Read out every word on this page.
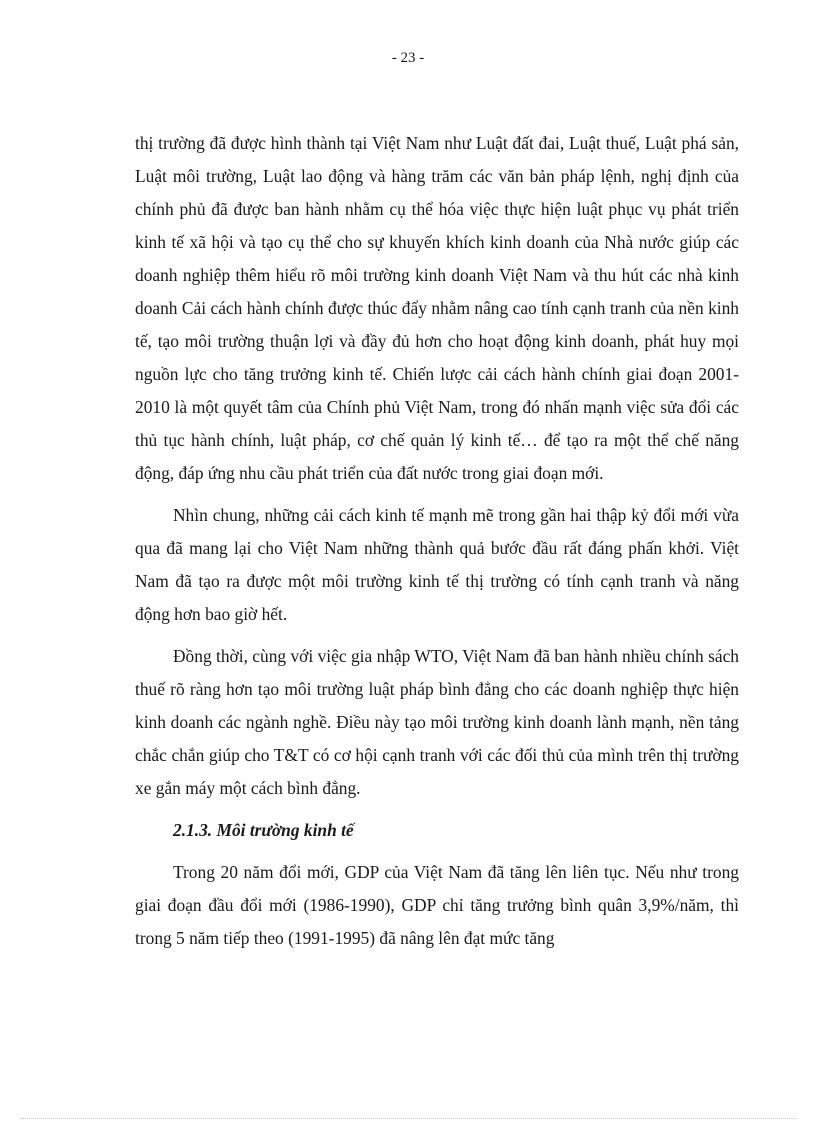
- 23 -

thị trường đã được hình thành tại Việt Nam như Luật đất đai, Luật thuế, Luật phá sản, Luật môi trường, Luật lao động và hàng trăm các văn bản pháp lệnh, nghị định của chính phủ đã được ban hành nhằm cụ thể hóa việc thực hiện luật phục vụ phát triển kinh tế xã hội và tạo cụ thể cho sự khuyến khích kinh doanh của Nhà nước giúp các doanh nghiệp thêm hiểu rõ môi trường kinh doanh Việt Nam và thu hút các nhà kinh doanh Cải cách hành chính được thúc đẩy nhằm nâng cao tính cạnh tranh của nền kinh tế, tạo môi trường thuận lợi và đầy đủ hơn cho hoạt động kinh doanh, phát huy mọi nguồn lực cho tăng trưởng kinh tế. Chiến lược cải cách hành chính giai đoạn 2001-2010 là một quyết tâm của Chính phủ Việt Nam, trong đó nhấn mạnh việc sửa đổi các thủ tục hành chính, luật pháp, cơ chế quản lý kinh tế… để tạo ra một thể chế năng động, đáp ứng nhu cầu phát triển của đất nước trong giai đoạn mới.

Nhìn chung, những cải cách kinh tế mạnh mẽ trong gần hai thập kỷ đổi mới vừa qua đã mang lại cho Việt Nam những thành quả bước đầu rất đáng phấn khởi. Việt Nam đã tạo ra được một môi trường kinh tế thị trường có tính cạnh tranh và năng động hơn bao giờ hết.

Đồng thời, cùng với việc gia nhập WTO, Việt Nam đã ban hành nhiều chính sách thuế rõ ràng hơn tạo môi trường luật pháp bình đẳng cho các doanh nghiệp thực hiện kinh doanh các ngành nghề. Điều này tạo môi trường kinh doanh lành mạnh, nền tảng chắc chắn giúp cho T&T có cơ hội cạnh tranh với các đối thủ của mình trên thị trường xe gắn máy một cách bình đẳng.

2.1.3. Môi trường kinh tế

Trong 20 năm đổi mới, GDP của Việt Nam đã tăng lên liên tục. Nếu như trong giai đoạn đầu đổi mới (1986-1990), GDP chỉ tăng trưởng bình quân 3,9%/năm, thì trong 5 năm tiếp theo (1991-1995) đã nâng lên đạt mức tăng
